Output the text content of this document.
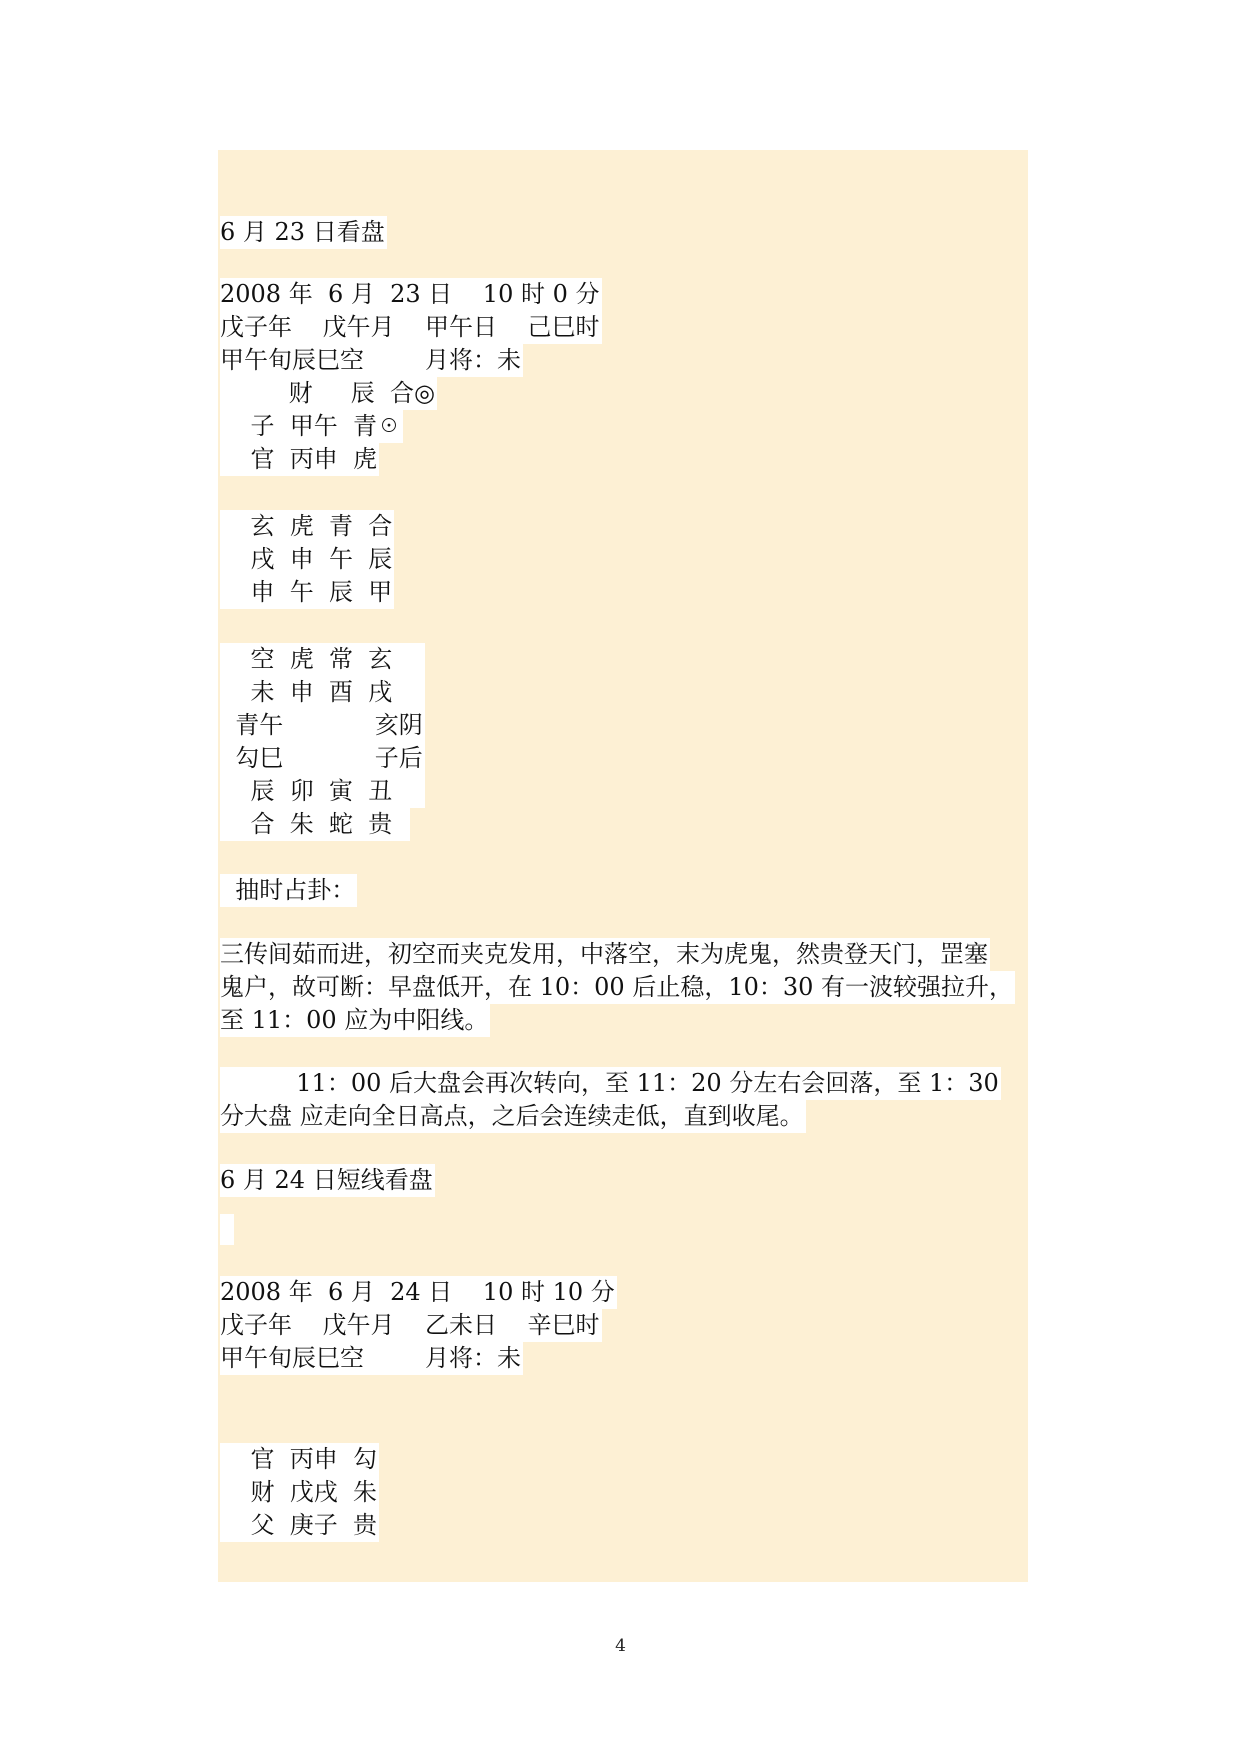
6 月 23 日看盘
2008 年  6 月  23 日    10 时 0 分
戊子年    戊午月    甲午日    己巳时
甲午旬辰巳空        月将：未
财     辰  合◎
子  甲午  青☉
官  丙申  虎
玄  虎  青  合
戌  申  午  辰
申  午  辰  甲
空  虎  常  玄
未  申  酉  戌
青午            亥阴
勾巳            子后
辰  卯  寅  丑
合  朱  蛇  贵
抽时占卦：
三传间茹而进，初空而夹克发用，中落空，末为虎鬼，然贵登天门，罡塞
鬼户，故可断：早盘低开，在 10：00 后止稳，10：30 有一波较强拉升，
至 11：00 应为中阳线。
11：00 后大盘会再次转向，至 11：20 分左右会回落，至 1：30
分大盘 应走向全日高点，之后会连续走低，直到收尾。
6 月 24 日短线看盘
2008 年  6 月  24 日    10 时 10 分
戊子年    戊午月    乙未日    辛巳时
甲午旬辰巳空        月将：未
官  丙申  勾
财  戊戌  朱
父  庚子  贵
4
